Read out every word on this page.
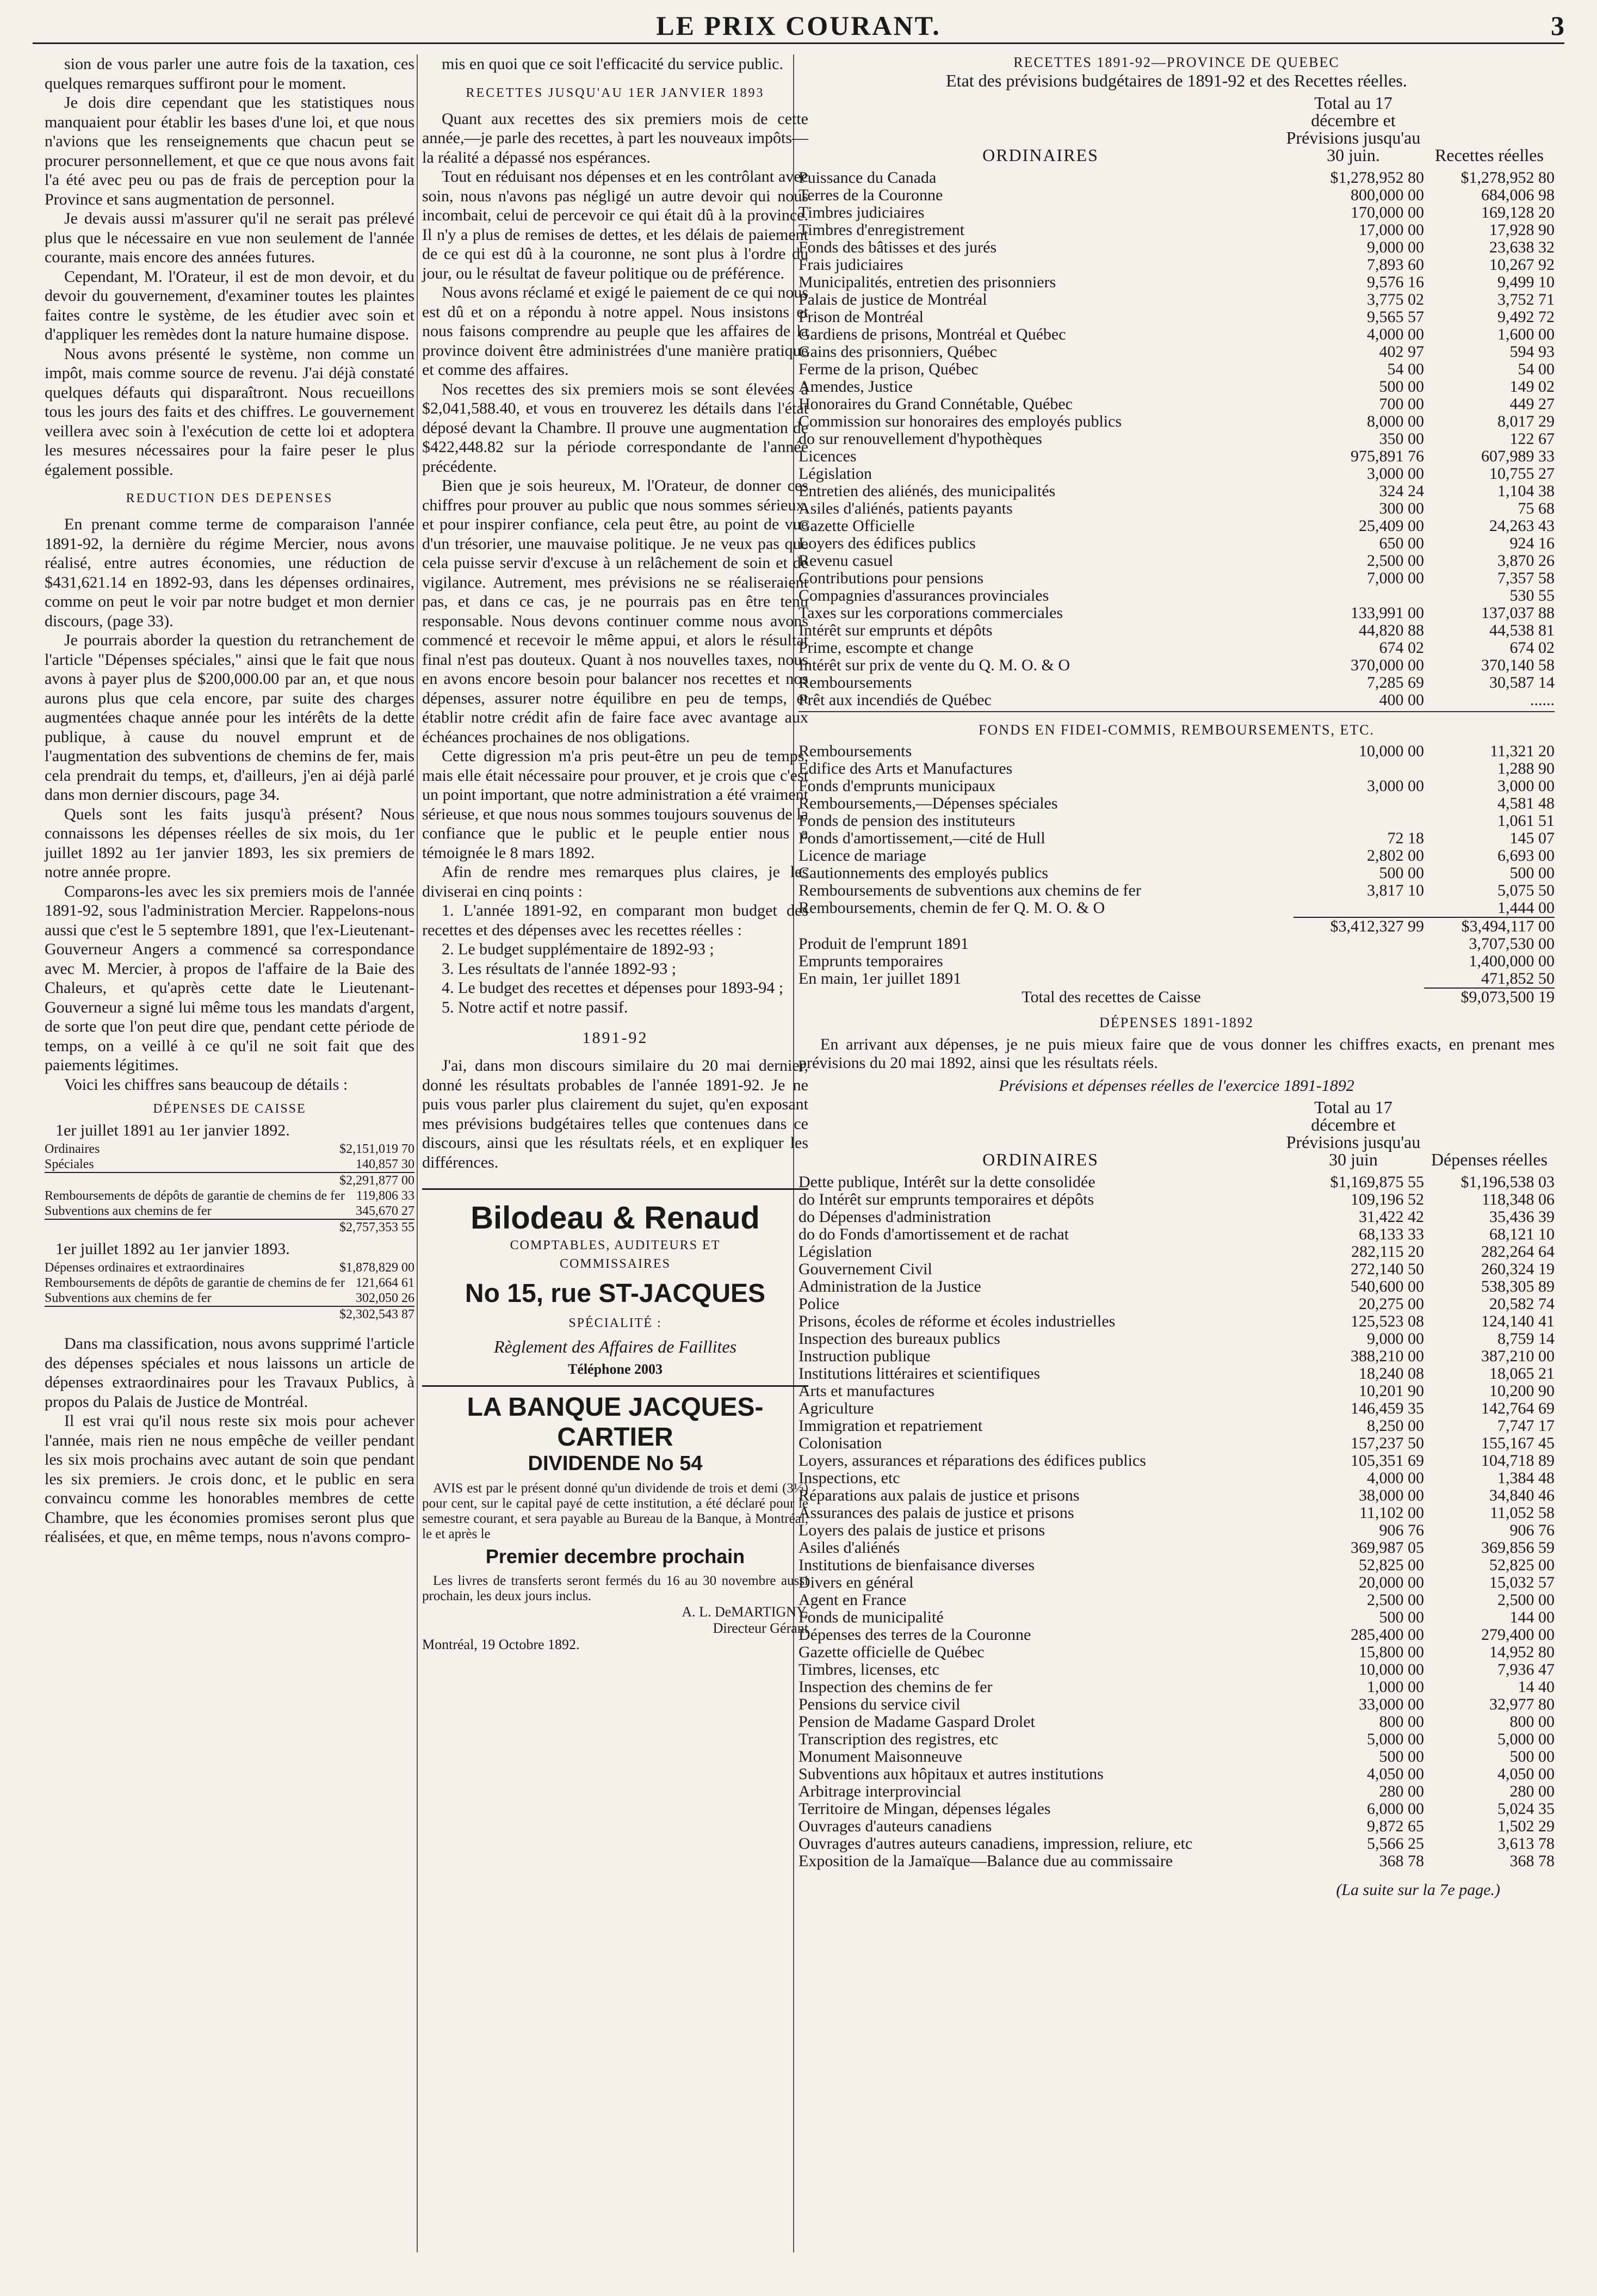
LE PRIX COURANT.	3

sion de vous parler une autre fois de la taxation, ces quelques remarques suffiront pour le moment.

Je dois dire cependant que les statistiques nous manquaient pour établir les bases d'une loi, et que nous n'avions que les renseignements que chacun peut se procurer personnellement, et que ce que nous avons fait l'a été avec peu ou pas de frais de perception pour la Province et sans augmentation de personnel.

Je devais aussi m'assurer qu'il ne serait pas prélevé plus que le nécessaire en vue non seulement de l'année courante, mais encore des années futures.

Cependant, M. l'Orateur, il est de mon devoir, et du devoir du gouvernement, d'examiner toutes les plaintes faites contre le système, de les étudier avec soin et d'appliquer les remèdes dont la nature humaine dispose.

Nous avons présenté le système, non comme un impôt, mais comme source de revenu. J'ai déjà constaté quelques défauts qui disparaîtront. Nous recueillons tous les jours des faits et des chiffres. Le gouvernement veillera avec soin à l'exécution de cette loi et adoptera les mesures nécessaires pour la faire peser le plus également possible.

REDUCTION DES DEPENSES

En prenant comme terme de comparaison l'année 1891-92, la dernière du régime Mercier, nous avons réalisé, entre autres économies, une réduction de $431,621.14 en 1892-93, dans les dépenses ordinaires, comme on peut le voir par notre budget et mon dernier discours, (page 33).

Je pourrais aborder la question du retranchement de l'article "Dépenses spéciales," ainsi que le fait que nous avons à payer plus de $200,000.00 par an, et que nous aurons plus que cela encore, par suite des charges augmentées chaque année pour les intérêts de la dette publique, à cause du nouvel emprunt et de l'augmentation des subventions de chemins de fer, mais cela prendrait du temps, et, d'ailleurs, j'en ai déjà parlé dans mon dernier discours, page 34.

Quels sont les faits jusqu'à présent? Nous connaissons les dépenses réelles de six mois, du 1er juillet 1892 au 1er janvier 1893, les six premiers de notre année propre.

Comparons-les avec les six premiers mois de l'année 1891-92, sous l'administration Mercier. Rappelons-nous aussi que c'est le 5 septembre 1891, que l'ex-Lieutenant-Gouverneur Angers a commencé sa correspondance avec M. Mercier, à propos de l'affaire de la Baie des Chaleurs, et qu'après cette date le Lieutenant-Gouverneur a signé lui même tous les mandats d'argent, de sorte que l'on peut dire que, pendant cette période de temps, on a veillé à ce qu'il ne soit fait que des paiements légitimes.

Voici les chiffres sans beaucoup de détails :

DÉPENSES DE CAISSE
1er juillet 1891 au 1er janvier 1892.
Ordinaires	$2,151,019 70
Spéciales	140,857 30
$2,291,877 00
Remboursements de dépôts de garantie de chemins de fer 119,806 33
Subventions aux chemins de fer	345,670 27
$2,757,353 55
1er juillet 1892 au 1er janvier 1893.
Dépenses ordinaires et extraordinaires	$1,878,829 00
Remboursements de dépôts de garantie de chemins de fer 121,664 61
Subventions aux chemins de fer	302,050 26
$2,302,543 87

Dans ma classification, nous avons supprimé l'article des dépenses spéciales et nous laissons un article de dépenses extraordinaires pour les Travaux Publics, à propos du Palais de Justice de Montréal.

Il est vrai qu'il nous reste six mois pour achever l'année, mais rien ne nous empêche de veiller pendant les six mois prochains avec autant de soin que pendant les six premiers. Je crois donc, et le public en sera convaincu comme les honorables membres de cette Chambre, que les économies promises seront plus que réalisées, et que, en même temps, nous n'avons compro-

mis en quoi que ce soit l'efficacité du service public.

RECETTES JUSQU'AU 1ER JANVIER 1893

Quant aux recettes des six premiers mois de cette année,—je parle des recettes, à part les nouveaux impôts—la réalité a dépassé nos espérances.

Tout en réduisant nos dépenses et en les contrôlant avec soin, nous n'avons pas négligé un autre devoir qui nous incombait, celui de percevoir ce qui était dû à la province. Il n'y a plus de remises de dettes, et les délais de paiement de ce qui est dû à la couronne, ne sont plus à l'ordre du jour, ou le résultat de faveur politique ou de préférence.

Nous avons réclamé et exigé le paiement de ce qui nous est dû et on a répondu à notre appel. Nous insistons et nous faisons comprendre au peuple que les affaires de la province doivent être administrées d'une manière pratique et comme des affaires.

Nos recettes des six premiers mois se sont élevées à $2,041,588.40, et vous en trouverez les détails dans l'état déposé devant la Chambre. Il prouve une augmentation de $422,448.82 sur la période correspondante de l'année précédente.

Bien que je sois heureux, M. l'Orateur, de donner ces chiffres pour prouver au public que nous sommes sérieux, et pour inspirer confiance, cela peut être, au point de vue d'un trésorier, une mauvaise politique. Je ne veux pas que cela puisse servir d'excuse à un relâchement de soin et de vigilance. Autrement, mes prévisions ne se réaliseraient pas, et dans ce cas, je ne pourrais pas en être tenu responsable. Nous devons continuer comme nous avons commencé et recevoir le même appui, et alors le résultat final n'est pas douteux. Quant à nos nouvelles taxes, nous en avons encore besoin pour balancer nos recettes et nos dépenses, assurer notre équilibre en peu de temps, et établir notre crédit afin de faire face avec avantage aux échéances prochaines de nos obligations.

Cette digression m'a pris peut-être un peu de temps, mais elle était nécessaire pour prouver, et je crois que c'est un point important, que notre administration a été vraiment sérieuse, et que nous nous sommes toujours souvenus de la confiance que le public et le peuple entier nous a témoignée le 8 mars 1892.

Afin de rendre mes remarques plus claires, je les diviserai en cinq points :

1. L'année 1891-92, en comparant mon budget des recettes et des dépenses avec les recettes réelles :

2. Le budget supplémentaire de 1892-93 ;

3. Les résultats de l'année 1892-93 ;

4. Le budget des recettes et dépenses pour 1893-94 ;

5. Notre actif et notre passif.

1891-92

J'ai, dans mon discours similaire du 20 mai dernier, donné les résultats probables de l'année 1891-92. Je ne puis vous parler plus clairement du sujet, qu'en exposant mes prévisions budgétaires telles que contenues dans ce discours, ainsi que les résultats réels, et en expliquer les différences.

Bilodeau & Renaud
COMPTABLES, AUDITEURS ET
COMMISSAIRES
No 15, rue ST-JACQUES
SPÉCIALITÉ :
Règlement des Affaires de Faillites
Téléphone 2003
LA BANQUE JACQUES-CARTIER
DIVIDENDE No 54
AVIS est par le présent donné qu'un dividende de trois et demi (3½) pour cent, sur le capital payé de cette institution, a été déclaré pour le semestre courant, et sera payable au Bureau de la Banque, à Montréal, le et après le
Premier decembre prochain
Les livres de transferts seront fermés du 16 au 30 novembre aussi prochain, les deux jours inclus.
A. L. DeMARTIGNY,
Directeur Gérant
Montréal, 19 Octobre 1892.
RECETTES 1891-92—PROVINCE DE QUEBEC
Etat des prévisions budgétaires de 1891-92 et des Recettes réelles.
ORDINAIRES
Total au 17 décembre et Prévisions jusqu'au 30 juin.	Recettes réelles
Puissance du Canada	$1,278,952 80	$1,278,952 80
Terres de la Couronne	800,000 00	684,006 98
Timbres judiciaires	170,000 00	169,128 20
Timbres d'enregistrement	17,000 00	17,928 90
Fonds des bâtisses et des jurés	9,000 00	23,638 32
Frais judiciaires	7,893 60	10,267 92
Municipalités, entretien des prisonniers	9,576 16	9,499 10
Palais de justice de Montréal	3,775 02	3,752 71
Prison de Montréal	9,565 57	9,492 72
Gardiens de prisons, Montréal et Québec	4,000 00	1,600 00
Gains des prisonniers, Québec	402 97	594 93
Ferme de la prison, Québec	54 00	54 00
Amendes, Justice	500 00	149 02
Honoraires du Grand Connétable, Québec	700 00	449 27
Commission sur honoraires des employés publics	8,000 00	8,017 29
do sur renouvellement d'hypothèques	350 00	122 67
Licences	975,891 76	607,989 33
Législation	3,000 00	10,755 27
Entretien des aliénés, des municipalités	324 24	1,104 38
Asiles d'aliénés, patients payants	300 00	75 68
Gazette Officielle	25,409 00	24,263 43
Loyers des édifices publics	650 00	924 16
Revenu casuel	2,500 00	3,870 26
Contributions pour pensions	7,000 00	7,357 58
Compagnies d'assurances provinciales		530 55
Taxes sur les corporations commerciales	133,991 00	137,037 88
Intérêt sur emprunts et dépôts	44,820 88	44,538 81
Prime, escompte et change	674 02	674 02
Intérêt sur prix de vente du Q. M. O. & O	370,000 00	370,140 58
Remboursements	7,285 69	30,587 14
Prêt aux incendiés de Québec	400 00	......
FONDS EN FIDEI-COMMIS, REMBOURSEMENTS, ETC.
Remboursements	10,000 00	11,321 20
Edifice des Arts et Manufactures		1,288 90
Fonds d'emprunts municipaux	3,000 00	3,000 00
Remboursements,—Dépenses spéciales		4,581 48
Fonds de pension des instituteurs		1,061 51
Fonds d'amortissement,—cité de Hull	72 18	145 07
Licence de mariage	2,802 00	6,693 00
Cautionnements des employés publics	500 00	500 00
Remboursements de subventions aux chemins de fer	3,817 10	5,075 50
Remboursements, chemin de fer Q. M. O. & O		1,444 00
	$3,412,327 99	$3,494,117 00
Produit de l'emprunt 1891	3,707,530 00
Emprunts temporaires	1,400,000 00
En main, 1er juillet 1891	471,852 50
Total des recettes de Caisse	$9,073,500 19
DÉPENSES 1891-1892
En arrivant aux dépenses, je ne puis mieux faire que de vous donner les chiffres exacts, en prenant mes prévisions du 20 mai 1892, ainsi que les résultats réels.
Prévisions et dépenses réelles de l'exercice 1891-1892
ORDINAIRES
Total au 17 décembre et Prévisions jusqu'au 30 juin	Dépenses réelles
Dette publique, Intérêt sur la dette consolidée	$1,169,875 55	$1,196,538 03
do Intérêt sur emprunts temporaires et dépôts	109,196 52	118,348 06
do Dépenses d'administration	31,422 42	35,436 39
do do Fonds d'amortissement et de rachat	68,133 33	68,121 10
Législation	282,115 20	282,264 64
Gouvernement Civil	272,140 50	260,324 19
Administration de la Justice	540,600 00	538,305 89
Police	20,275 00	20,582 74
Prisons, écoles de réforme et écoles industrielles	125,523 08	124,140 41
Inspection des bureaux publics	9,000 00	8,759 14
Instruction publique	388,210 00	387,210 00
Institutions littéraires et scientifiques	18,240 08	18,065 21
Arts et manufactures	10,201 90	10,200 90
Agriculture	146,459 35	142,764 69
Immigration et repatriement	8,250 00	7,747 17
Colonisation	157,237 50	155,167 45
Loyers, assurances et réparations des édifices publics	105,351 69	104,718 89
Inspections, etc	4,000 00	1,384 48
Réparations aux palais de justice et prisons	38,000 00	34,840 46
Assurances des palais de justice et prisons	11,102 00	11,052 58
Loyers des palais de justice et prisons	906 76	906 76
Asiles d'aliénés	369,987 05	369,856 59
Institutions de bienfaisance diverses	52,825 00	52,825 00
Divers en général	20,000 00	15,032 57
Agent en France	2,500 00	2,500 00
Fonds de municipalité	500 00	144 00
Dépenses des terres de la Couronne	285,400 00	279,400 00
Gazette officielle de Québec	15,800 00	14,952 80
Timbres, licenses, etc	10,000 00	7,936 47
Inspection des chemins de fer	1,000 00	14 40
Pensions du service civil	33,000 00	32,977 80
Pension de Madame Gaspard Drolet	800 00	800 00
Transcription des registres, etc	5,000 00	5,000 00
Monument Maisonneuve	500 00	500 00
Subventions aux hôpitaux et autres institutions	4,050 00	4,050 00
Arbitrage interprovincial	280 00	280 00
Territoire de Mingan, dépenses légales	6,000 00	5,024 35
Ouvrages d'auteurs canadiens	9,872 65	1,502 29
Ouvrages d'autres auteurs canadiens, impression, reliure, etc	5,566 25	3,613 78
Exposition de la Jamaïque—Balance due au commissaire	368 78	368 78
(La suite sur la 7e page.)
